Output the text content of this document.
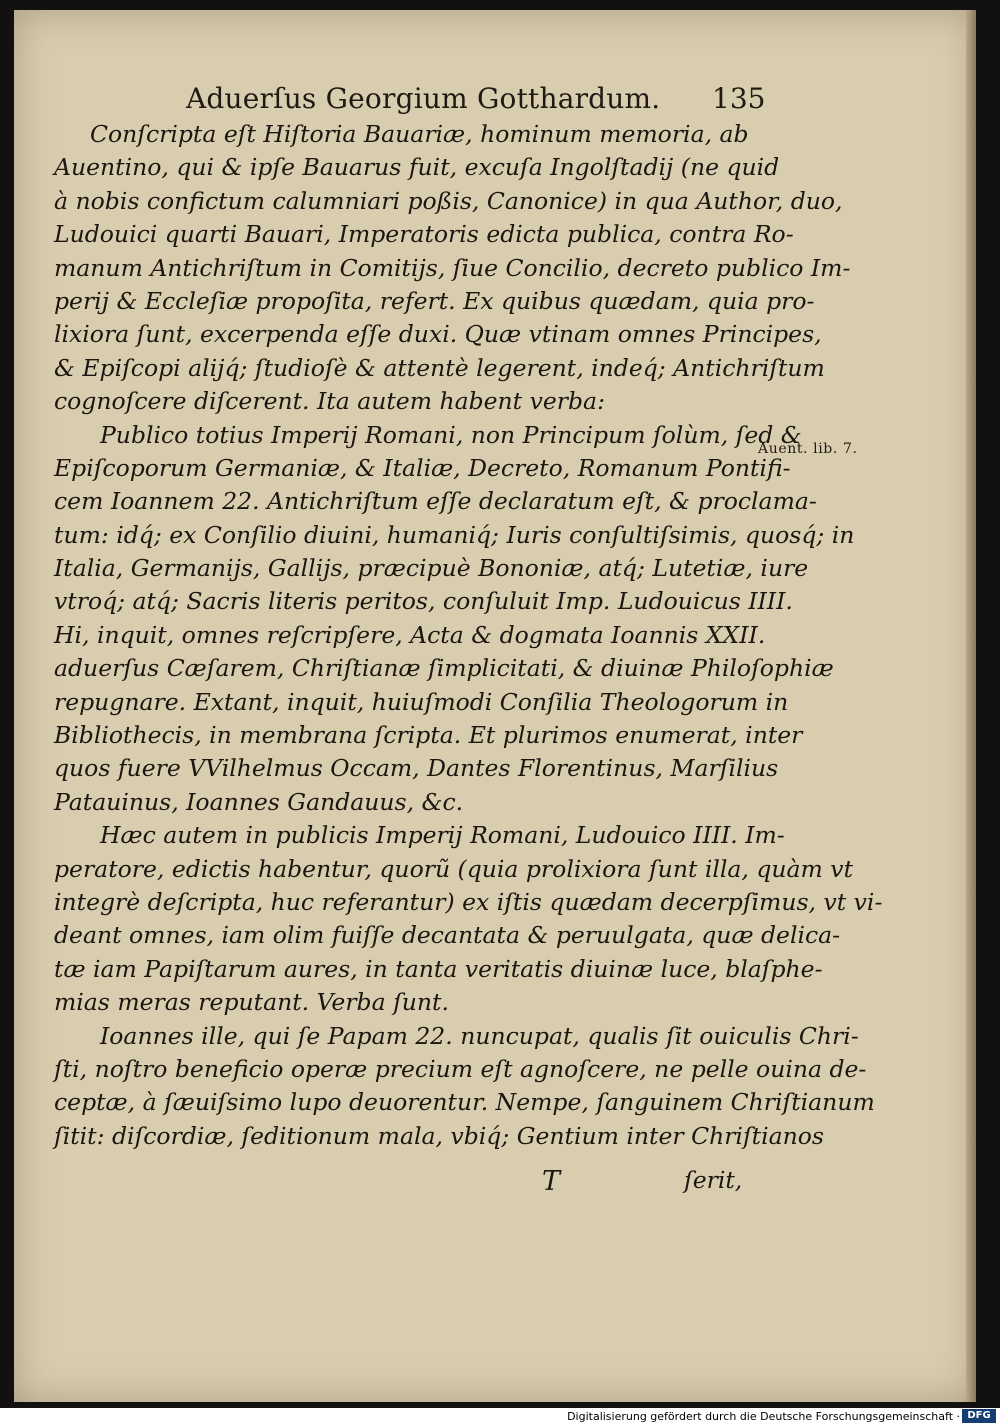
Aduerſus Georgium Gotthardum. 135
Conſcripta eſt Hiſtoria Bauariæ, hominum memoria, ab
Auentino, qui & ipſe Bauarus fuit, excuſa Ingolſtadij (ne quid
à nobis confictum calumniari poßis, Canonice) in qua Author, duo,
Ludouici quarti Bauari, Imperatoris edicta publica, contra Ro-
manum Antichriſtum in Comitijs, ſiue Concilio, decreto publico Im-
perij & Eccleſiæ propoſita, refert. Ex quibus quædam, quia pro-
lixiora ſunt, excerpenda eſſe duxi. Quæ vtinam omnes Principes,
& Epiſcopi alijq́; ſtudioſè & attentè legerent, indeq́; Antichriſtum
cognoſcere diſcerent. Ita autem habent verba:
Publico totius Imperij Romani, non Principum ſolùm, ſed &
Epiſcoporum Germaniæ, & Italiæ, Decreto, Romanum Pontifi-
cem Ioannem 22. Antichriſtum eſſe declaratum eſt, & proclama-
tum: idq́; ex Conſilio diuini, humaniq́; Iuris conſultiſsimis, quosq́; in
Italia, Germanijs, Gallijs, præcipuè Bononiæ, atq́; Lutetiæ, iure
vtroq́; atq́; Sacris literis peritos, conſuluit Imp. Ludouicus IIII.
Hi, inquit, omnes reſcripſere, Acta & dogmata Ioannis XXII.
aduerſus Cæſarem, Chriſtianæ ſimplicitati, & diuinæ Philoſophiæ
repugnare. Extant, inquit, huiuſmodi Conſilia Theologorum in
Bibliothecis, in membrana ſcripta. Et plurimos enumerat, inter
quos fuere VVilhelmus Occam, Dantes Florentinus, Marſilius
Patauinus, Ioannes Gandauus, &c.
Hæc autem in publicis Imperij Romani, Ludouico IIII. Im-
peratore, edictis habentur, quorũ (quia prolixiora ſunt illa, quàm vt
integrè deſcripta, huc referantur) ex iſtis quædam decerpſimus, vt vi-
deant omnes, iam olim fuiſſe decantata & peruulgata, quæ delica-
tæ iam Papiſtarum aures, in tanta veritatis diuinæ luce, blaſphe-
mias meras reputant. Verba ſunt.
Ioannes ille, qui ſe Papam 22. nuncupat, qualis ſit ouiculis Chri-
ſti, noſtro beneficio operæ precium eſt agnoſcere, ne pelle ouina de-
ceptæ, à ſæuiſsimo lupo deuorentur. Nempe, ſanguinem Chriſtianum
ſitit: diſcordiæ, ſeditionum mala, vbiq́; Gentium inter Chriſtianos
Auent. lib. 7.
T	ſerit,
Digitalisierung gefördert durch die Deutsche Forschungsgemeinschaft · DFG
